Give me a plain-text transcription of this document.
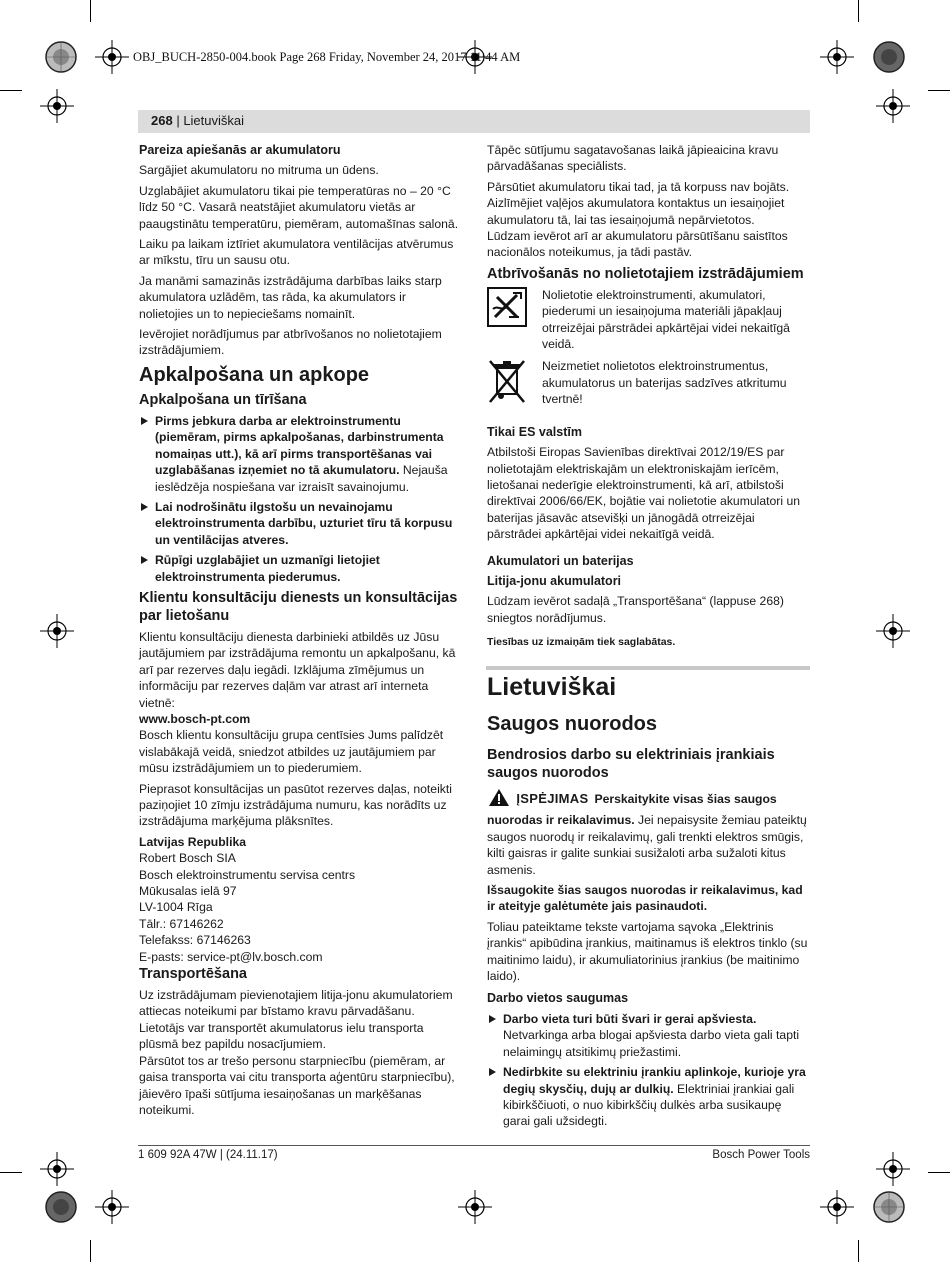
OBJ_BUCH-2850-004.book Page 268 Friday, November 24, 2017 11:44 AM
268 | Lietuviškai

Pareiza apiešanās ar akumulatoru

Sargājiet akumulatoru no mitruma un ūdens.

Uzglabājiet akumulatoru tikai pie temperatūras no – 20 °C līdz 50 °C. Vasarā neatstājiet akumulatoru vietās ar paaugstinātu temperatūru, piemēram, automašīnas salonā.

Laiku pa laikam iztīriet akumulatora ventilācijas atvērumus ar mīkstu, tīru un sausu otu.

Ja manāmi samazinās izstrādājuma darbības laiks starp akumulatora uzlādēm, tas rāda, ka akumulators ir nolietojies un to nepieciešams nomainīt.

Ievērojiet norādījumus par atbrīvošanos no nolietotajiem izstrādājumiem.

Apkalpošana un apkope

Apkalpošana un tīrīšana

Pirms jebkura darba ar elektroinstrumentu (piemēram, pirms apkalpošanas, darbinstrumenta nomaiņas utt.), kā arī pirms transportēšanas vai uzglabāšanas izņemiet no tā akumulatoru. Nejauša ieslēdzēja nospiešana var izraisīt savainojumu.

Lai nodrošinātu ilgstošu un nevainojamu elektroinstrumenta darbību, uzturiet tīru tā korpusu un ventilācijas atveres.

Rūpīgi uzglabājiet un uzmanīgi lietojiet elektroinstrumenta piederumus.

Klientu konsultāciju dienests un konsultācijas par lietošanu

Klientu konsultāciju dienesta darbinieki atbildēs uz Jūsu jautājumiem par izstrādājuma remontu un apkalpošanu, kā arī par rezerves daļu iegādi. Izklājuma zīmējumus un informāciju par rezerves daļām var atrast arī interneta vietnē:

www.bosch-pt.com

Bosch klientu konsultāciju grupa centīsies Jums palīdzēt vislabākajā veidā, sniedzot atbildes uz jautājumiem par mūsu izstrādājumiem un to piederumiem.

Pieprasot konsultācijas un pasūtot rezerves daļas, noteikti paziņojiet 10 zīmju izstrādājuma numuru, kas norādīts uz izstrādājuma marķējuma plāksnītes.

Latvijas Republika

Robert Bosch SIA
Bosch elektroinstrumentu servisa centrs
Mūkusalas ielā 97
LV-1004 Rīga
Tālr.: 67146262
Telefakss: 67146263
E-pasts: service-pt@lv.bosch.com

Transportēšana

Uz izstrādājumam pievienotajiem litija-jonu akumulatoriem attiecas noteikumi par bīstamo kravu pārvadāšanu. Lietotājs var transportēt akumulatorus ielu transporta plūsmā bez papildu nosacījumiem.

Pārsūtot tos ar trešo personu starpniecību (piemēram, ar gaisa transporta vai citu transporta aģentūru starpniecību), jāievēro īpaši sūtījuma iesaiņošanas un marķēšanas noteikumi.

Tāpēc sūtījumu sagatavošanas laikā jāpieaicina kravu pārvadāšanas speciālists.

Pārsūtiet akumulatoru tikai tad, ja tā korpuss nav bojāts. Aizlīmējiet vaļējos akumulatora kontaktus un iesaiņojiet akumulatoru tā, lai tas iesaiņojumā nepārvietotos.

Lūdzam ievērot arī ar akumulatoru pārsūtīšanu saistītos nacionālos noteikumus, ja tādi pastāv.

Atbrīvošanās no nolietotajiem izstrādājumiem

Nolietotie elektroinstrumenti, akumulatori, piederumi un iesaiņojuma materiāli jāpakļauj otrreizējai pārstrādei apkārtējai videi nekaitīgā veidā.
Neizmetiet nolietotos elektroinstrumentus, akumulatorus un baterijas sadzīves atkritumu tvertnē!

Tikai ES valstīm

Atbilstoši Eiropas Savienības direktīvai 2012/19/ES par nolietotajām elektriskajām un elektroniskajām ierīcēm, lietošanai nederīgie elektroinstrumenti, kā arī, atbilstoši direktīvai 2006/66/EK, bojātie vai nolietotie akumulatori un baterijas jāsavāc atsevišķi un jānogādā otrreizējai pārstrādei apkārtējai videi nekaitīgā veidā.

Akumulatori un baterijas

Litija-jonu akumulatori

Lūdzam ievērot sadaļā „Transportēšana“ (lappuse 268) sniegtos norādījumus.

Tiesības uz izmaiņām tiek saglabātas.

Lietuviškai

Saugos nuorodos

Bendrosios darbo su elektriniais įrankiais saugos nuorodos

ĮSPĖJIMAS Perskaitykite visas šias saugos nuorodas ir reikalavimus. Jei nepaisysite žemiau pateiktų saugos nuorodų ir reikalavimų, gali trenkti elektros smūgis, kilti gaisras ir galite sunkiai susižaloti arba sužaloti kitus asmenis.

Išsaugokite šias saugos nuorodas ir reikalavimus, kad ir ateityje galėtumėte jais pasinaudoti.

Toliau pateiktame tekste vartojama sąvoka „Elektrinis įrankis“ apibūdina įrankius, maitinamus iš elektros tinklo (su maitinimo laidu), ir akumuliatorinius įrankius (be maitinimo laido).

Darbo vietos saugumas

Darbo vieta turi būti švari ir gerai apšviesta. Netvarkinga arba blogai apšviesta darbo vieta gali tapti nelaimingų atsitikimų priežastimi.

Nedirbkite su elektriniu įrankiu aplinkoje, kurioje yra degių skysčių, dujų ar dulkių. Elektriniai įrankiai gali kibirkščiuoti, o nuo kibirkščių dulkės arba susikaupę garai gali užsidegti.

1 609 92A 47W | (24.11.17)	Bosch Power Tools
